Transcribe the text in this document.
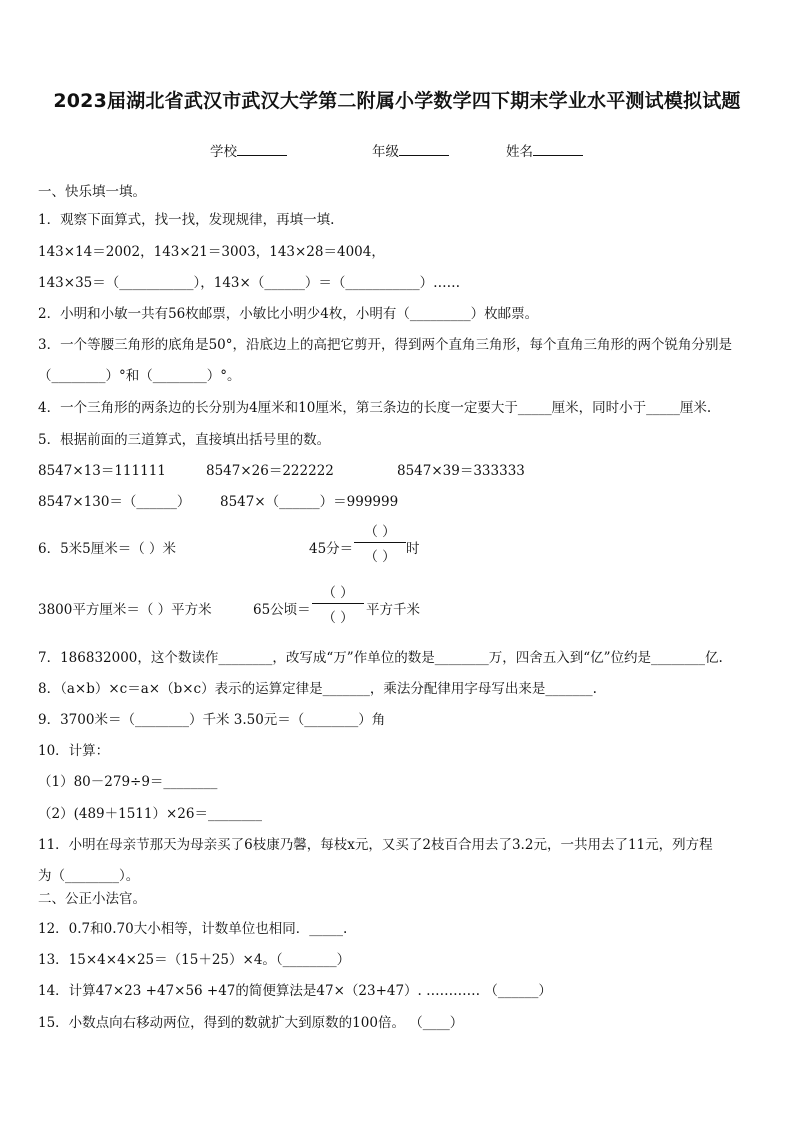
2023届湖北省武汉市武汉大学第二附属小学数学四下期末学业水平测试模拟试题
学校	年级	姓名
一、快乐填一填。
1．观察下面算式，找一找，发现规律，再填一填.
143×14＝2002，143×21＝3003，143×28＝4004，
143×35＝（___________），143×（______）＝（___________）……
2．小明和小敏一共有56枚邮票，小敏比小明少4枚，小明有（_________）枚邮票。
3．一个等腰三角形的底角是50°，沿底边上的高把它剪开，得到两个直角三角形，每个直角三角形的两个锐角分别是
（________）°和（________）°。
4．一个三角形的两条边的长分别为4厘米和10厘米，第三条边的长度一定要大于_____厘米，同时小于_____厘米.
5．根据前面的三道算式，直接填出括号里的数。
8547×13＝111111	8547×26＝222222	8547×39＝333333
8547×130＝（______） 8547×（______）＝999999
6．5米5厘米＝（ ）米	45分＝
（ ）
（ ） 时
3800平方厘米＝（ ）平方米	65公顷＝
（ ）
（ ） 平方千米
7．186832000，这个数读作________，改写成“万”作单位的数是________万，四舍五入到“亿”位约是________亿.
8．（a×b）×c＝a×（b×c）表示的运算定律是_______，乘法分配律用字母写出来是_______.
9．3700米＝（________）千米 3.50元＝（________）角
10．计算：
（1）80－279÷9＝________
（2）(489＋1511）×26＝________
11．小明在母亲节那天为母亲买了6枝康乃馨，每枝x元，又买了2枝百合用去了3.2元，一共用去了11元，列方程
为（________）。
二、公正小法官。
12．0.7和0.70大小相等，计数单位也相同．_____.
13．15×4×4×25＝（15＋25）×4。（________）
14．计算47×23 +47×56 +47的简便算法是47×（23+47）. ………… （______）
15．小数点向右移动两位，得到的数就扩大到原数的100倍。 （____）
